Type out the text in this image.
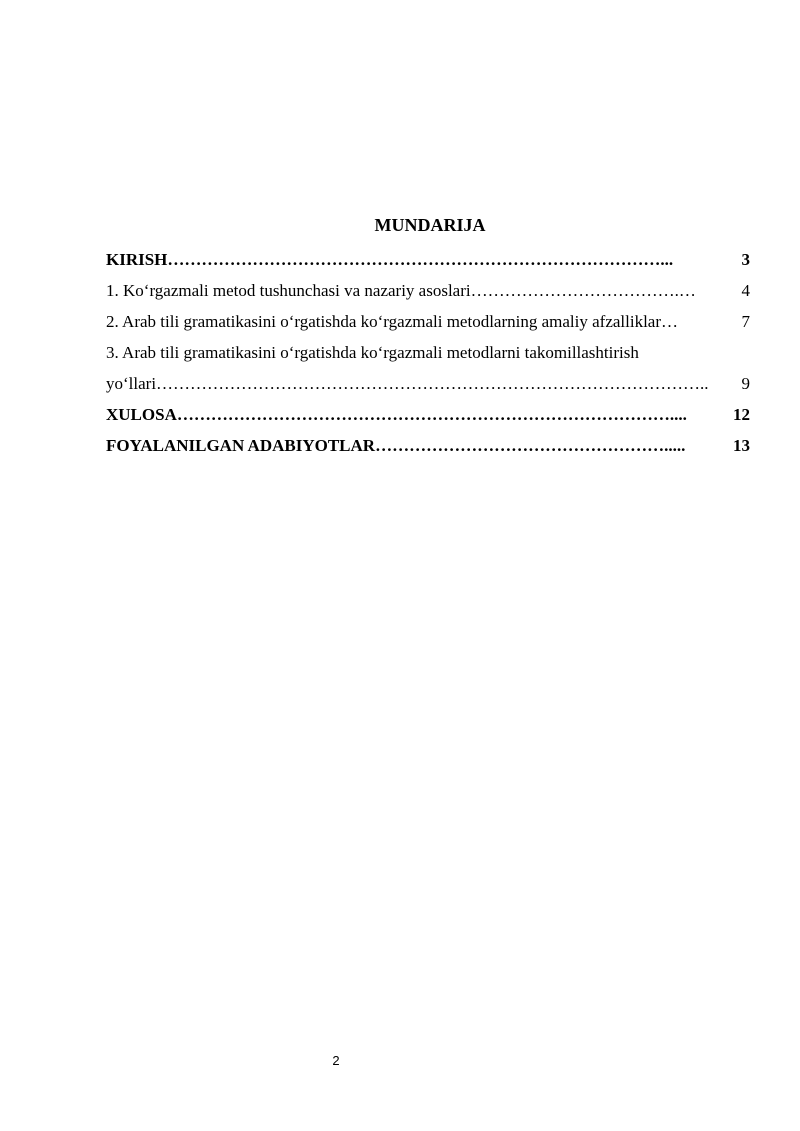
MUNDARIJA
KIRISH ……………………………………………………………………………...	3
1. Ko‘rgazmali metod tushunchasi va nazariy asoslari ……………………………….…	4
2. Arab tili gramatikasini o‘rgatishda ko‘rgazmali metodlarning amaliy afzalliklar …	7
3. Arab tili gramatikasini o‘rgatishda ko‘rgazmali metodlarni takomillashtirish
yo‘llari ……………………………………………………………………………………..	9
XULOSA ……………………………………………………………………………....	12
FOYALANILGAN ADABIYOTLAR …………………………………………….....	13
2
